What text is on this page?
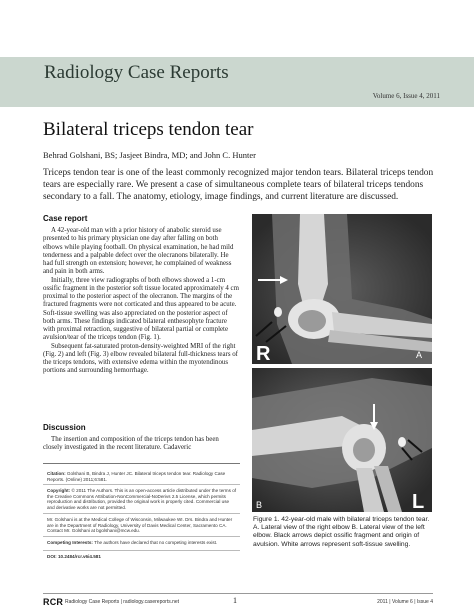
Radiology Case Reports
Volume 6, Issue 4, 2011
Bilateral triceps tendon tear
Behrad Golshani, BS; Jasjeet Bindra, MD; and John C. Hunter
Triceps tendon tear is one of the least commonly recognized major tendon tears. Bilateral triceps tendon tears are especially rare. We present a case of simultaneous complete tears of bilateral triceps tendons secondary to a fall. The anatomy, etiology, image findings, and current literature are discussed.
Case report

A 42-year-old man with a prior history of anabolic steroid use presented to his primary physician one day after falling on both elbows while playing football. On physical examination, he had mild tenderness and a palpable defect over the olecranons bilaterally. He had full strength on extension; however, he complained of weakness and pain in both arms.

Initially, three view radiographs of both elbows showed a 1-cm ossific fragment in the posterior soft tissue located approximately 4 cm proximal to the posterior aspect of the olecranon. The margins of the fractured fragments were not corticated and thus appeared to be acute. Soft-tissue swelling was also appreciated on the posterior aspect of both arms. These findings indicated bilateral enthesophyte fracture with proximal retraction, suggestive of bilateral partial or complete avulsion/tear of the triceps tendon (Fig. 1).

Subsequent fat-saturated proton-density-weighted MRI of the right (Fig. 2) and left (Fig. 3) elbow revealed bilateral full-thickness tears of the triceps tendons, with extensive edema within the myotendinous portions and surrounding hemorrhage.

Discussion

The insertion and composition of the triceps tendon has been closely investigated in the recent literature. Cadaveric

Citation: Golshani B, Bindra J, Hunter JC. Bilateral triceps tendon tear. Radiology Case Reports. (Online) 2011;6:581.
Copyright: © 2011 The Authors. This is an open-access article distributed under the terms of the Creative Commons Attribution-NonCommercial-NoDerivs 2.5 License, which permits reproduction and distribution, provided the original work is properly cited. Commercial use and derivative works are not permitted.
Mr. Golshani is at the Medical College of Wisconsin, Milwaukee WI. Drs. Bindra and Hunter are in the Department of Radiology, University of Davis Medical Center, Sacramento CA. Contact Mr. Golshani at bgolshani@mcw.edu.
Competing Interests: The authors have declared that no competing interests exist.
DOI: 10.2484/rcr.v6i4.581
R	A
B	L
Figure 1. 42-year-old male with bilateral triceps tendon tear. A. Lateral view of the right elbow B. Lateral view of the left elbow. Black arrows depict ossific fragment and origin of avulsion. White arrows represent soft-tissue swelling.
RCR Radiology Case Reports | radiology.casereports.net	1	2011 | Volume 6 | Issue 4
